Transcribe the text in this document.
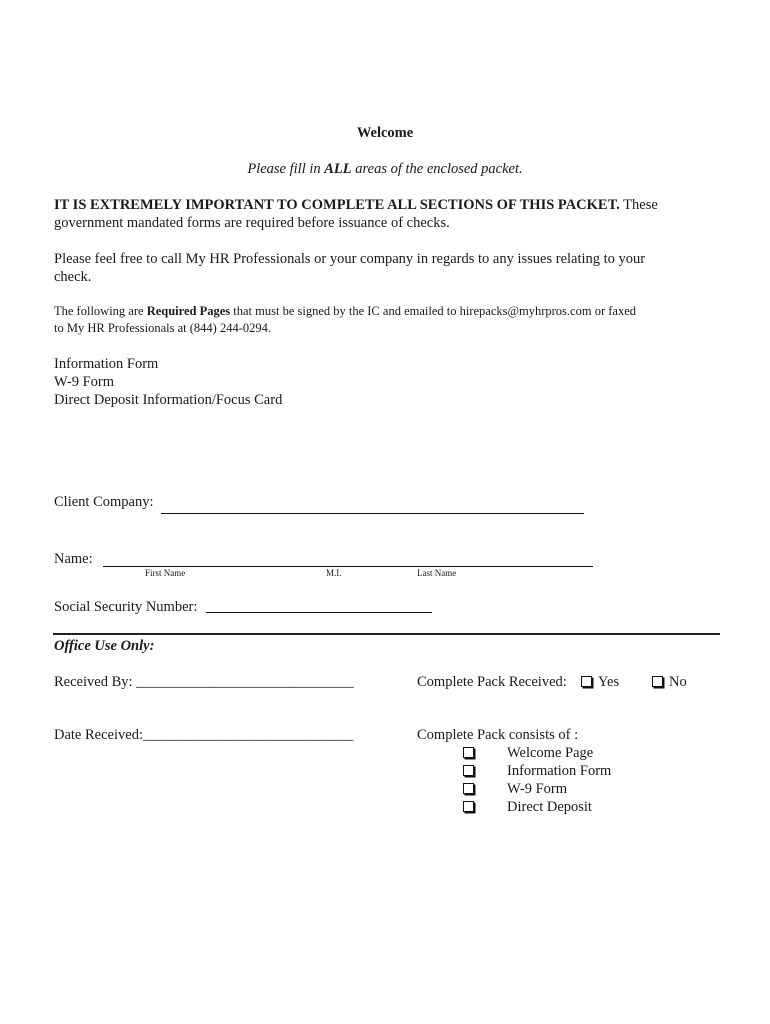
Welcome
Please fill in ALL areas of the enclosed packet.
IT IS EXTREMELY IMPORTANT TO COMPLETE ALL SECTIONS OF THIS PACKET. These
government mandated forms are required before issuance of checks.
Please feel free to call My HR Professionals or your company in regards to any issues relating to your
check.
The following are Required Pages that must be signed by the IC and emailed to hirepacks@myhrpros.com or faxed
to My HR Professionals at (844) 244-0294.
Information Form
W-9 Form
Direct Deposit Information/Focus Card
Client Company:
Name:
First Name	M.I.	Last Name
Social Security Number:
Office Use Only:
Received By: ______________________________	Complete Pack Received:	Yes	No
Date Received:_____________________________	Complete Pack consists of :
Welcome Page
Information Form
W-9 Form
Direct Deposit
